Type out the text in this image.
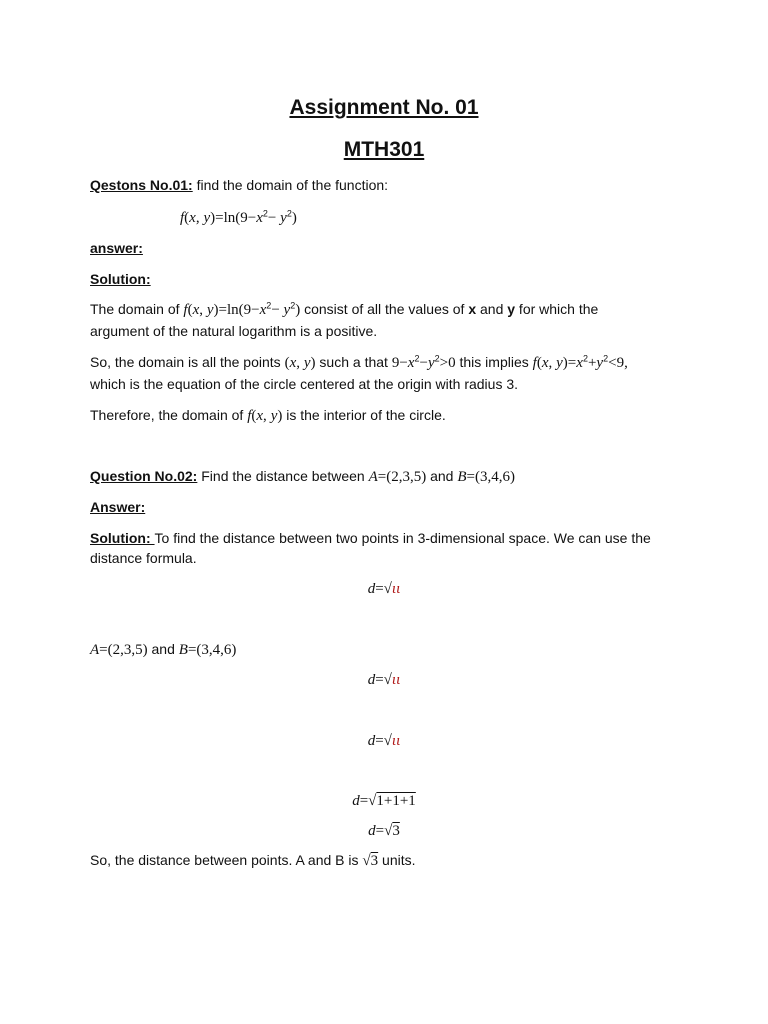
Assignment No. 01
MTH301
Qestons No.01: find the domain of the function:
f(x, $y)=\ln(9-x^2- y^2)$
answer:
Solution:
The domain of f(x, $y)=\ln(9-x^2- y^2)$ consist of all the values of x and y for which the
argument of the natural logarithm is a positive.
So, the domain is all the points (x, y) such a that $9-x^2-y^2>0$ this implies f(x, $y)=x^2+y^2<9$,
which is the equation of the circle centered at the origin with radius 3.
Therefore, the domain of f(x, y) is the interior of the circle.
Question No.02: Find the distance between A=(2,3,5) and B=(3,4,6)
Answer:
Solution: To find the distance between two points in 3-dimensional space. We can use the distance formula.
d=√ιι
A=(2,3,5) and B=(3,4,6)
d=√ιι
d=√ιι
d=√1+1+1
d=√3
So, the distance between points. A and B is √3 units.
